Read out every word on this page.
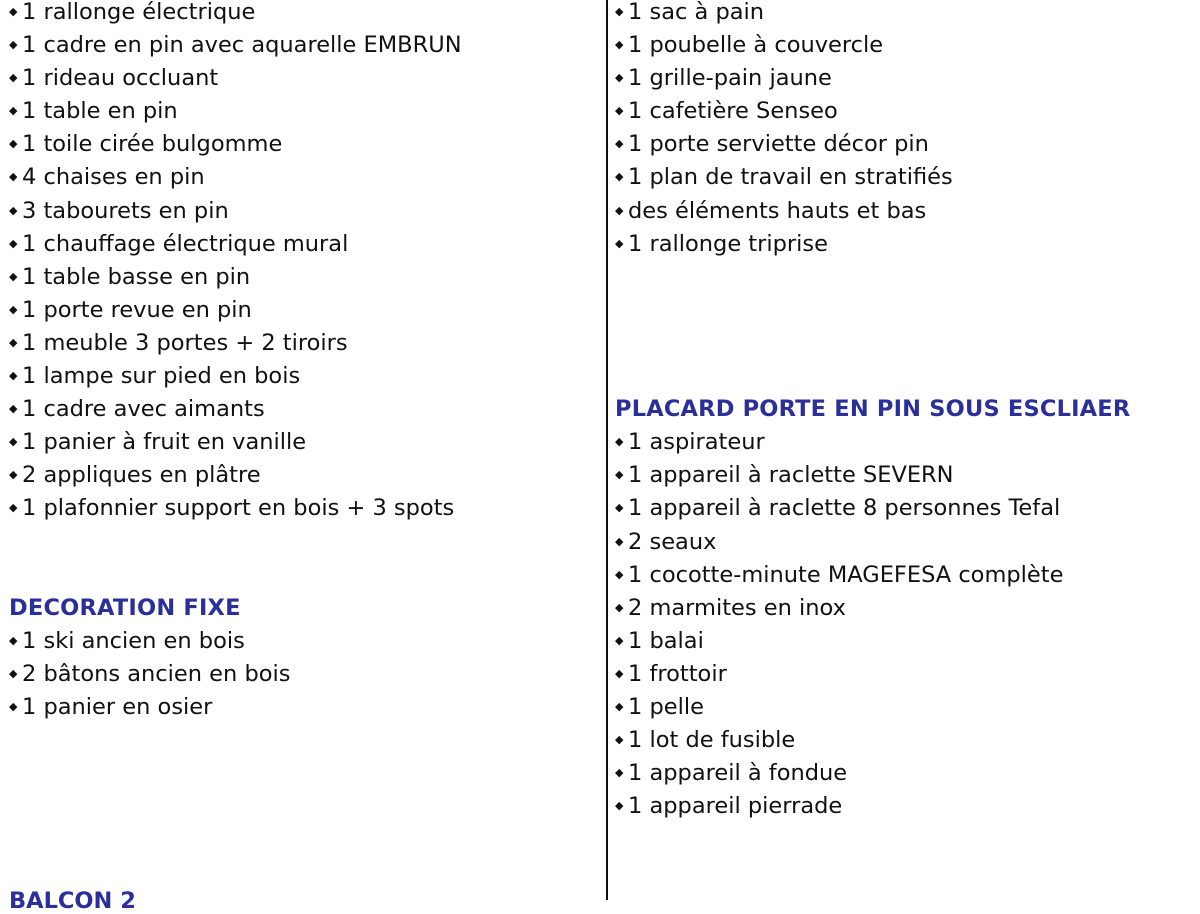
◆ 1 rallonge électrique
◆ 1 cadre en pin avec aquarelle EMBRUN
◆ 1 rideau occluant
◆ 1 table en pin
◆ 1 toile cirée bulgomme
◆ 4 chaises en pin
◆ 3 tabourets en pin
◆ 1 chauffage électrique mural
◆ 1 table basse en pin
◆ 1 porte revue en pin
◆ 1 meuble 3 portes + 2 tiroirs
◆ 1 lampe sur pied en bois
◆ 1 cadre avec aimants
◆ 1 panier à fruit en vanille
◆ 2 appliques en plâtre
◆ 1 plafonnier support en bois + 3 spots
DECORATION FIXE
◆ 1 ski ancien en bois
◆ 2 bâtons ancien en bois
◆ 1 panier en osier
BALCON 2
◆ 1 sac à pain
◆ 1 poubelle à couvercle
◆ 1 grille-pain jaune
◆ 1 cafetière Senseo
◆ 1 porte serviette décor pin
◆ 1 plan de travail en stratifiés
◆ des éléments hauts et bas
◆ 1 rallonge triprise
PLACARD PORTE EN PIN SOUS ESCLIAER
◆ 1 aspirateur
◆ 1 appareil à raclette SEVERN
◆ 1 appareil à raclette 8 personnes Tefal
◆ 2 seaux
◆ 1 cocotte-minute MAGEFESA complète
◆ 2 marmites en inox
◆ 1 balai
◆ 1 frottoir
◆ 1 pelle
◆ 1 lot de fusible
◆ 1 appareil à fondue
◆ 1 appareil pierrade
